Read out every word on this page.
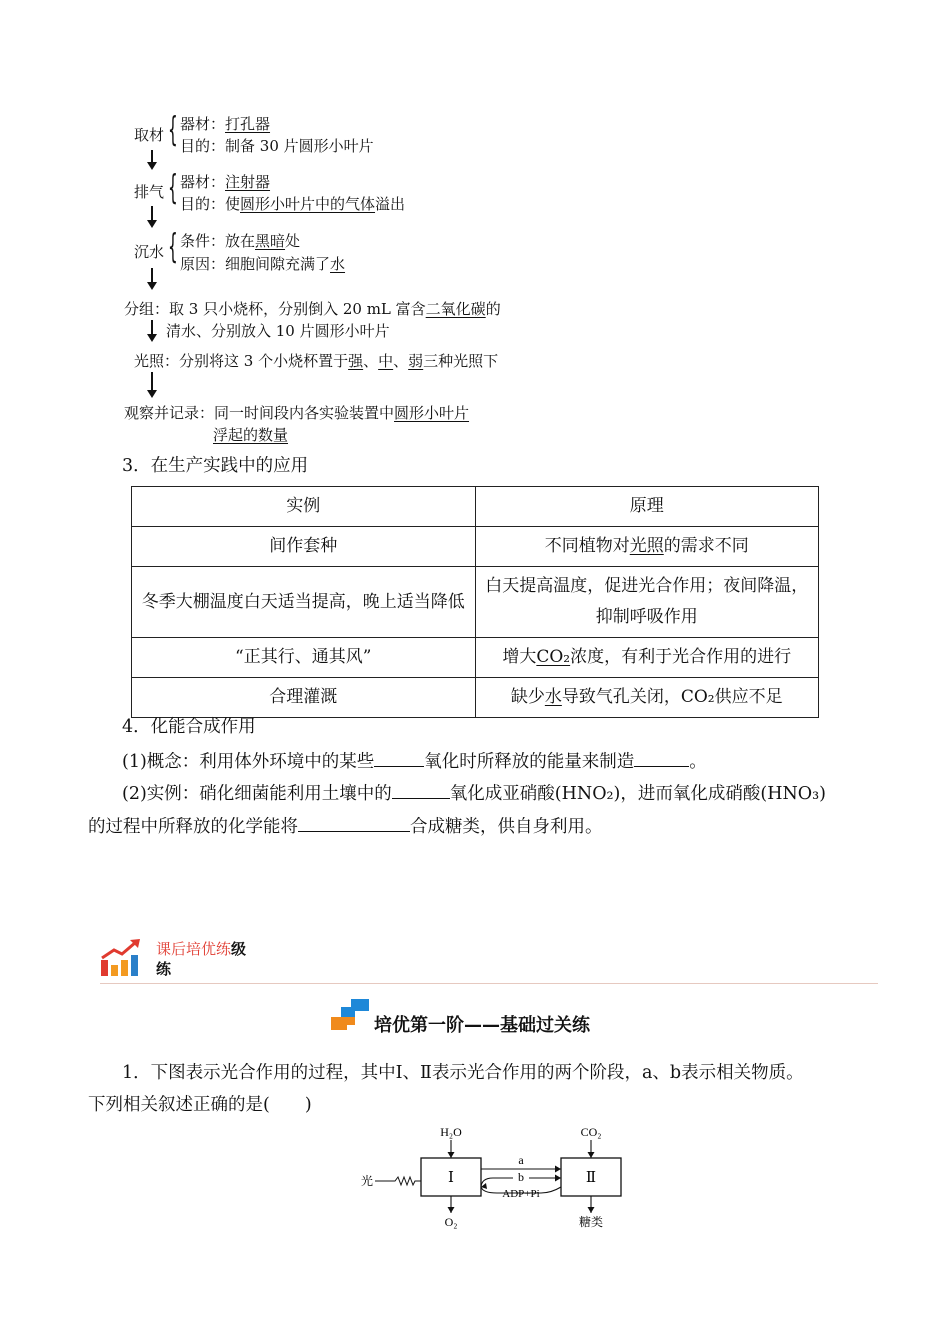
取材 { 器材：打孔器
目的：制备 30 片圆形小叶片
排气 { 器材：注射器
目的：使圆形小叶片中的气体溢出
沉水 { 条件：放在黑暗处
原因：细胞间隙充满了水
分组：取 3 只小烧杯，分别倒入 20 mL 富含二氧化碳的
清水、分别放入 10 片圆形小叶片
光照：分别将这 3 个小烧杯置于强、中、弱三种光照下
观察并记录：同一时间段内各实验装置中圆形小叶片
浮起的数量
3．在生产实践中的应用
实例	原理
间作套种	不同植物对光照的需求不同
冬季大棚温度白天适当提高，晚上适当降低	白天提高温度，促进光合作用；夜间降温，抑制呼吸作用
“正其行、通其风”	增大CO₂浓度，有利于光合作用的进行
合理灌溉	缺少水导致气孔关闭，CO₂供应不足
4．化能合成作用
(1)概念：利用体外环境中的某些	氧化时所释放的能量来制造	。
(2)实例：硝化细菌能利用土壤中的	氧化成亚硝酸(HNO₂)，进而氧化成硝酸(HNO₃)
的过程中所释放的化学能将	合成糖类，供自身利用。
课后培优练级
练
培优第一阶——基础过关练
1．下图表示光合作用的过程，其中Ⅰ、Ⅱ表示光合作用的两个阶段，a、b表示相关物质。
下列相关叙述正确的是(　　)
Ⅰ	Ⅱ
光
H₂O
O₂
CO₂
糖类
a
b
ADP+Pi
